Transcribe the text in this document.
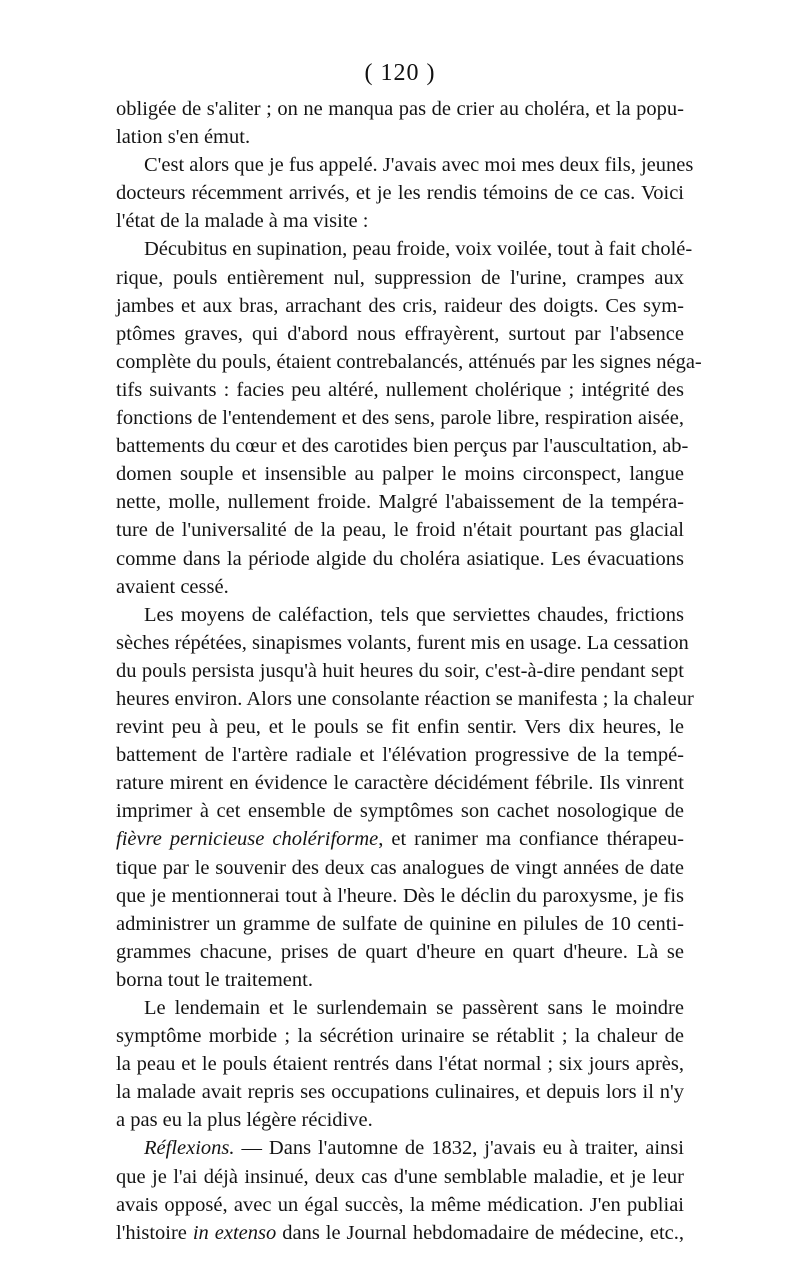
( 120 )
obligée de s'aliter ; on ne manqua pas de crier au choléra, et la popu-
lation s'en émut.
C'est alors que je fus appelé. J'avais avec moi mes deux fils, jeunes
docteurs récemment arrivés, et je les rendis témoins de ce cas. Voici
l'état de la malade à ma visite :
Décubitus en supination, peau froide, voix voilée, tout à fait cholé-
rique, pouls entièrement nul, suppression de l'urine, crampes aux
jambes et aux bras, arrachant des cris, raideur des doigts. Ces sym-
ptômes graves, qui d'abord nous effrayèrent, surtout par l'absence
complète du pouls, étaient contrebalancés, atténués par les signes néga-
tifs suivants : facies peu altéré, nullement cholérique ; intégrité des
fonctions de l'entendement et des sens, parole libre, respiration aisée,
battements du cœur et des carotides bien perçus par l'auscultation, ab-
domen souple et insensible au palper le moins circonspect, langue
nette, molle, nullement froide. Malgré l'abaissement de la tempéra-
ture de l'universalité de la peau, le froid n'était pourtant pas glacial
comme dans la période algide du choléra asiatique. Les évacuations
avaient cessé.
Les moyens de caléfaction, tels que serviettes chaudes, frictions
sèches répétées, sinapismes volants, furent mis en usage. La cessation
du pouls persista jusqu'à huit heures du soir, c'est-à-dire pendant sept
heures environ. Alors une consolante réaction se manifesta ; la chaleur
revint peu à peu, et le pouls se fit enfin sentir. Vers dix heures, le
battement de l'artère radiale et l'élévation progressive de la tempé-
rature mirent en évidence le caractère décidément fébrile. Ils vinrent
imprimer à cet ensemble de symptômes son cachet nosologique de
fièvre pernicieuse cholériforme, et ranimer ma confiance thérapeu-
tique par le souvenir des deux cas analogues de vingt années de date
que je mentionnerai tout à l'heure. Dès le déclin du paroxysme, je fis
administrer un gramme de sulfate de quinine en pilules de 10 centi-
grammes chacune, prises de quart d'heure en quart d'heure. Là se
borna tout le traitement.
Le lendemain et le surlendemain se passèrent sans le moindre
symptôme morbide ; la sécrétion urinaire se rétablit ; la chaleur de
la peau et le pouls étaient rentrés dans l'état normal ; six jours après,
la malade avait repris ses occupations culinaires, et depuis lors il n'y
a pas eu la plus légère récidive.
Réflexions. — Dans l'automne de 1832, j'avais eu à traiter, ainsi
que je l'ai déjà insinué, deux cas d'une semblable maladie, et je leur
avais opposé, avec un égal succès, la même médication. J'en publiai
l'histoire in extenso dans le Journal hebdomadaire de médecine, etc.,
